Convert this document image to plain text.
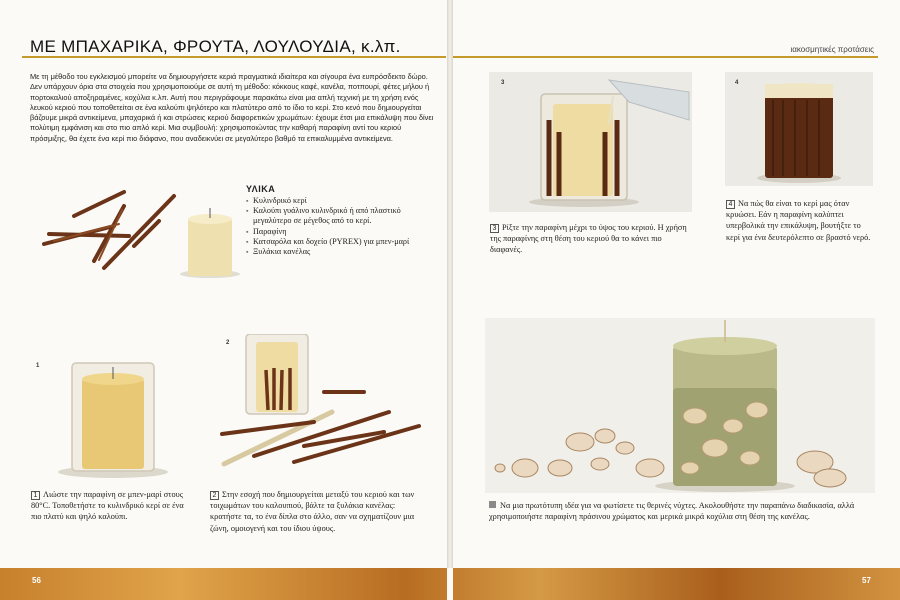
ΜΕ ΜΠΑΧΑΡΙΚΑ, ΦΡΟΥΤΑ, ΛΟΥΛΟΥΔΙΑ, κ.λπ.	ιακοσμητικές προτάσεις

Με τη μέθοδο του εγκλεισμού μπορείτε να δημιουργήσετε κεριά πραγματικά ιδιαίτερα και σίγουρα ένα ευπρόσδεκτο δώρο. Δεν υπάρχουν όρια στα στοιχεία που χρησιμοποιούμε σε αυτή τη μέθοδο: κόκκους καφέ, κανέλα, ποτπουρί, φέτες μήλου ή πορτοκαλιού αποξηραμένες, κοχύλια κ.λπ. Αυτή που περιγράφουμε παρακάτω είναι μια απλή τεχνική με τη χρήση ενός λευκού κεριού που τοποθετείται σε ένα καλούπι ψηλότερο και πλατύτερο από το ίδιο το κερί. Στο κενό που δημιουργείται βάζουμε μικρά αντικείμενα, μπαχαρικά ή και στρώσεις κεριού διαφορετικών χρωμάτων: έχουμε έτσι μια επικάλυψη που δίνει πολύτιμη εμφάνιση και στο πιο απλό κερί. Μια συμβουλή: χρησιμοποιώντας την καθαρή παραφίνη αντί του κεριού πρόσμιξης, θα έχετε ένα κερί πιο διάφανο, που αναδεικνύει σε μεγαλύτερο βαθμό τα επικαλυμμένα αντικείμενα.

ΥΛΙΚΑ
▪ Κυλινδρικό κερί
▪ Καλούπι γυάλινο κυλινδρικό ή από πλαστικό μεγαλύτερο σε μέγεθος από το κερί.
▪ Παραφίνη
▪ Κατσαρόλα και δοχείο (PYREX) για μπεν-μαρί
▪ Ξυλάκια κανέλας
1
2
1 Λιώστε την παραφίνη σε μπεν-μαρί στους 80°C. Τοποθετήστε το κυλινδρικό κερί σε ένα πιο πλατύ και ψηλό καλούπι.
2 Στην εσοχή που δημιουργείται μεταξύ του κεριού και των τοιχωμάτων του καλουπιού, βάλτε τα ξυλάκια κανέλας: κρατήστε τα, το ένα δίπλα στο άλλο, σαν να σχηματίζουν μια ζώνη, ομοιογενή και του ίδιου ύψους.
3	4
3 Ρίξτε την παραφίνη μέχρι το ύψος του κεριού. Η χρήση της παραφίνης στη θέση του κεριού θα το κάνει πιο διαφανές.
4 Να πώς θα είναι το κερί μας όταν κρυώσει. Εάν η παραφίνη καλύπτει υπερβολικά την επικάλυψη, βουτήξτε το κερί για ένα δευτερόλεπτο σε βραστό νερό.
Να μια πρωτότυπη ιδέα για να φωτίσετε τις θερινές νύχτες. Ακολουθήστε την παραπάνω διαδικασία, αλλά χρησιμοποιήστε παραφίνη πράσινου χρώματος και μερικά μικρά κοχύλια στη θέση της κανέλας.
56	57
